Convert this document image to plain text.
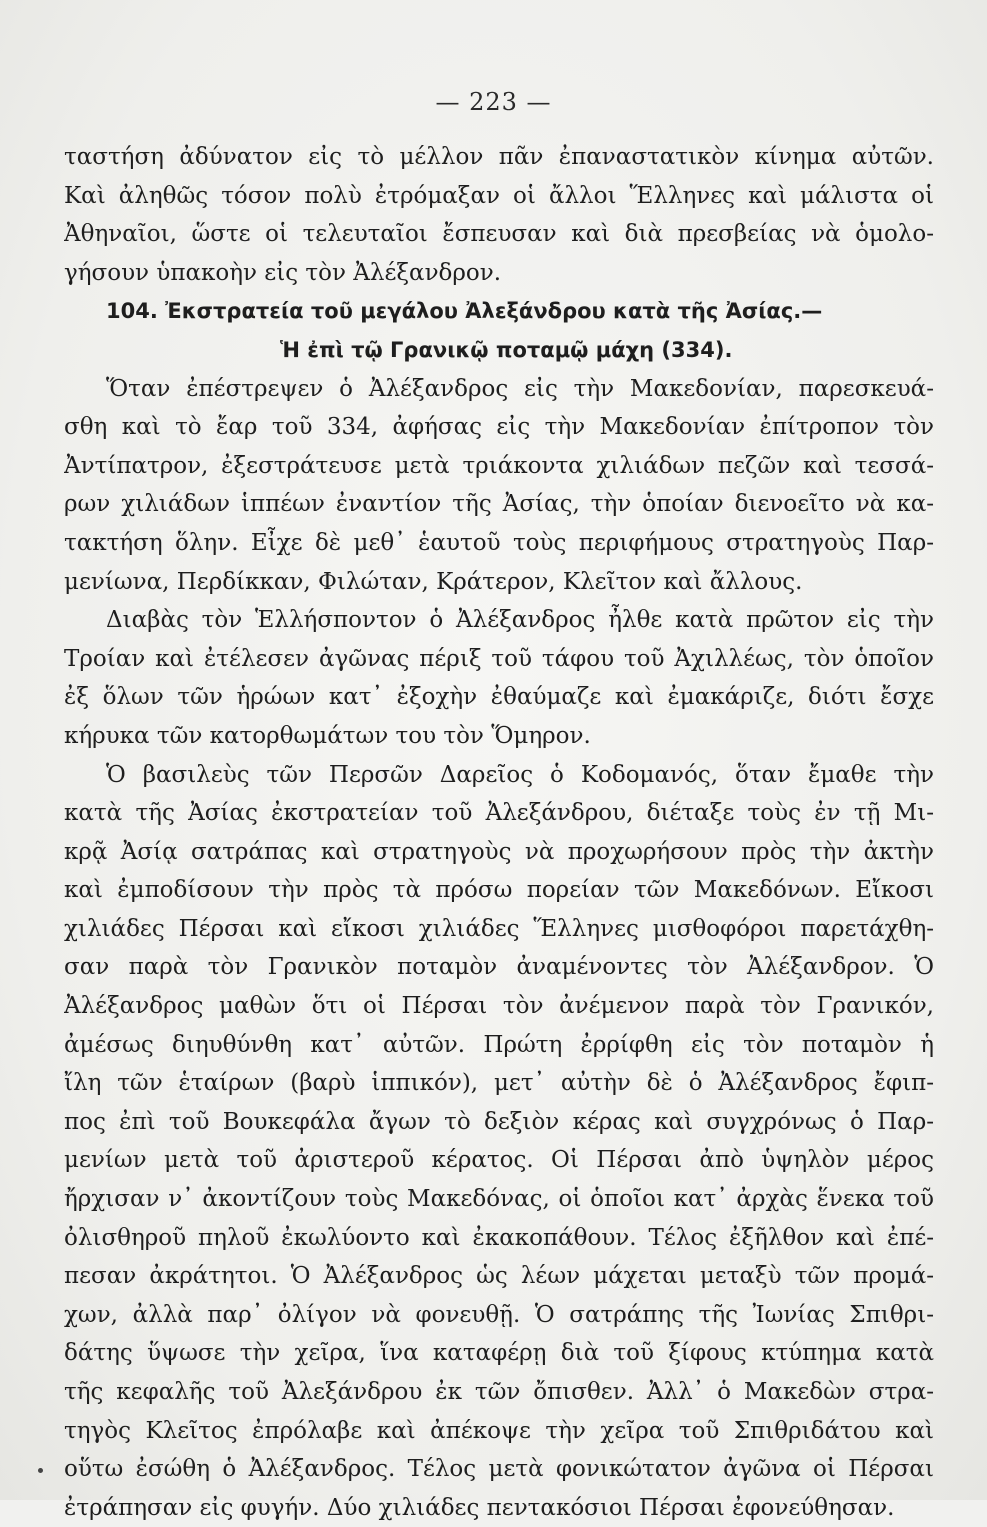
— 223 —
ταστήση ἀδύνατον εἰς τὸ μέλλον πᾶν ἐπαναστατικὸν κίνημα αὐτῶν.
Καὶ ἀληθῶς τόσον πολὺ ἐτρόμαξαν οἱ ἄλλοι Ἕλληνες καὶ μάλιστα οἱ
Ἀθηναῖοι, ὥστε οἱ τελευταῖοι ἔσπευσαν καὶ διὰ πρεσβείας νὰ ὁμολο-
γήσουν ὑπακοὴν εἰς τὸν Ἀλέξανδρον.
104. Ἐκστρατεία τοῦ μεγάλου Ἀλεξάνδρου κατὰ τῆς Ἀσίας.—
Ἡ ἐπὶ τῷ Γρανικῷ ποταμῷ μάχη (334).
Ὅταν ἐπέστρεψεν ὁ Ἀλέξανδρος εἰς τὴν Μακεδονίαν, παρεσκευά-
σθη καὶ τὸ ἔαρ τοῦ 334, ἀφήσας εἰς τὴν Μακεδονίαν ἐπίτροπον τὸν
Ἀντίπατρον, ἐξεστράτευσε μετὰ τριάκοντα χιλιάδων πεζῶν καὶ τεσσά-
ρων χιλιάδων ἱππέων ἐναντίον τῆς Ἀσίας, τὴν ὁποίαν διενοεῖτο νὰ κα-
τακτήση ὅλην. Εἶχε δὲ μεθ᾽ ἑαυτοῦ τοὺς περιφήμους στρατηγοὺς Παρ-
μενίωνα, Περδίκκαν, Φιλώταν, Κράτερον, Κλεῖτον καὶ ἄλλους.
Διαβὰς τὸν Ἑλλήσποντον ὁ Ἀλέξανδρος ἦλθε κατὰ πρῶτον εἰς τὴν
Τροίαν καὶ ἐτέλεσεν ἀγῶνας πέριξ τοῦ τάφου τοῦ Ἀχιλλέως, τὸν ὁποῖον
ἐξ ὅλων τῶν ἡρώων κατ᾽ ἐξοχὴν ἐθαύμαζε καὶ ἐμακάριζε, διότι ἔσχε
κήρυκα τῶν κατορθωμάτων του τὸν Ὅμηρον.
Ὁ βασιλεὺς τῶν Περσῶν Δαρεῖος ὁ Κοδομανός, ὅταν ἔμαθε τὴν
κατὰ τῆς Ἀσίας ἐκστρατείαν τοῦ Ἀλεξάνδρου, διέταξε τοὺς ἐν τῇ Μι-
κρᾷ Ἀσίᾳ σατράπας καὶ στρατηγοὺς νὰ προχωρήσουν πρὸς τὴν ἀκτὴν
καὶ ἐμποδίσουν τὴν πρὸς τὰ πρόσω πορείαν τῶν Μακεδόνων. Εἴκοσι
χιλιάδες Πέρσαι καὶ εἴκοσι χιλιάδες Ἕλληνες μισθοφόροι παρετάχθη-
σαν παρὰ τὸν Γρανικὸν ποταμὸν ἀναμένοντες τὸν Ἀλέξανδρον. Ὁ
Ἀλέξανδρος μαθὼν ὅτι οἱ Πέρσαι τὸν ἀνέμενον παρὰ τὸν Γρανικόν,
ἀμέσως διηυθύνθη κατ᾽ αὐτῶν. Πρώτη ἐρρίφθη εἰς τὸν ποταμὸν ἡ
ἴλη τῶν ἑταίρων (βαρὺ ἱππικόν), μετ᾽ αὐτὴν δὲ ὁ Ἀλέξανδρος ἔφιπ-
πος ἐπὶ τοῦ Βουκεφάλα ἄγων τὸ δεξιὸν κέρας καὶ συγχρόνως ὁ Παρ-
μενίων μετὰ τοῦ ἀριστεροῦ κέρατος. Οἱ Πέρσαι ἀπὸ ὑψηλὸν μέρος
ἤρχισαν ν᾽ ἀκοντίζουν τοὺς Μακεδόνας, οἱ ὁποῖοι κατ᾽ ἀρχὰς ἕνεκα τοῦ
ὀλισθηροῦ πηλοῦ ἐκωλύοντο καὶ ἐκακοπάθουν. Τέλος ἐξῆλθον καὶ ἐπέ-
πεσαν ἀκράτητοι. Ὁ Ἀλέξανδρος ὡς λέων μάχεται μεταξὺ τῶν προμά-
χων, ἀλλὰ παρ᾽ ὀλίγον νὰ φονευθῇ. Ὁ σατράπης τῆς Ἰωνίας Σπιθρι-
δάτης ὕψωσε τὴν χεῖρα, ἵνα καταφέρῃ διὰ τοῦ ξίφους κτύπημα κατὰ
τῆς κεφαλῆς τοῦ Ἀλεξάνδρου ἐκ τῶν ὄπισθεν. Ἀλλ᾽ ὁ Μακεδὼν στρα-
τηγὸς Κλεῖτος ἐπρόλαβε καὶ ἀπέκοψε τὴν χεῖρα τοῦ Σπιθριδάτου καὶ
οὕτω ἐσώθη ὁ Ἀλέξανδρος. Τέλος μετὰ φονικώτατον ἀγῶνα οἱ Πέρσαι
ἐτράπησαν εἰς φυγήν. Δύο χιλιάδες πεντακόσιοι Πέρσαι ἐφονεύθησαν.
